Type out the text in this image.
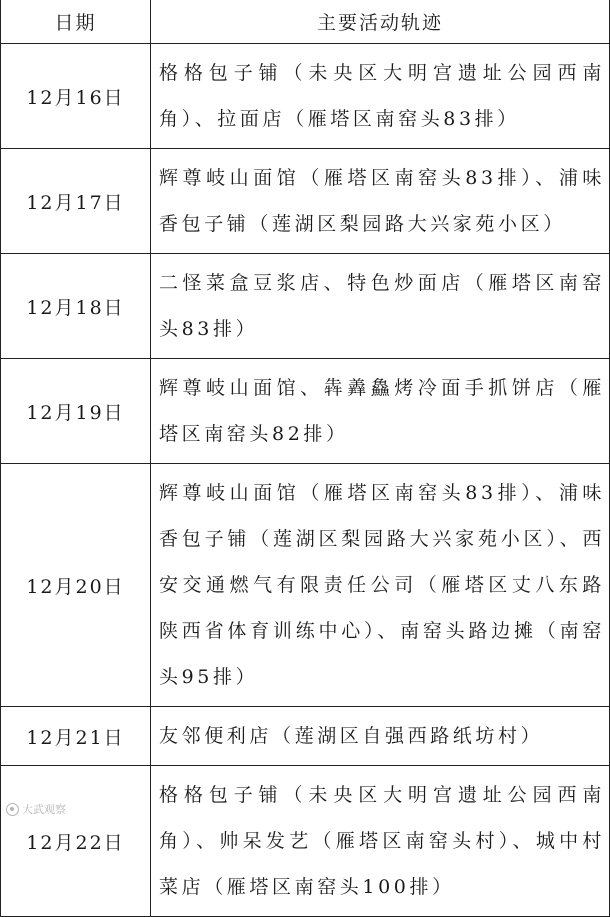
日期	主要活动轨迹
12月16日	格格包子铺（未央区大明宫遗址公园西南角）、拉面店（雁塔区南窑头83排）
12月17日	辉尊岐山面馆（雁塔区南窑头83排）、浦味香包子铺（莲湖区梨园路大兴家苑小区）
12月18日	二怪菜盒豆浆店、特色炒面店（雁塔区南窑头83排）
12月19日	辉尊岐山面馆、犇羴鱻烤冷面手抓饼店（雁塔区南窑头82排）
12月20日	辉尊岐山面馆（雁塔区南窑头83排）、浦味香包子铺（莲湖区梨园路大兴家苑小区）、西安交通燃气有限责任公司（雁塔区丈八东路陕西省体育训练中心）、南窑头路边摊（南窑头95排）
12月21日	友邻便利店（莲湖区自强西路纸坊村）
12月22日	格格包子铺（未央区大明宫遗址公园西南角）、帅呆发艺（雁塔区南窑头村）、城中村菜店（雁塔区南窑头100排）
大武观察
